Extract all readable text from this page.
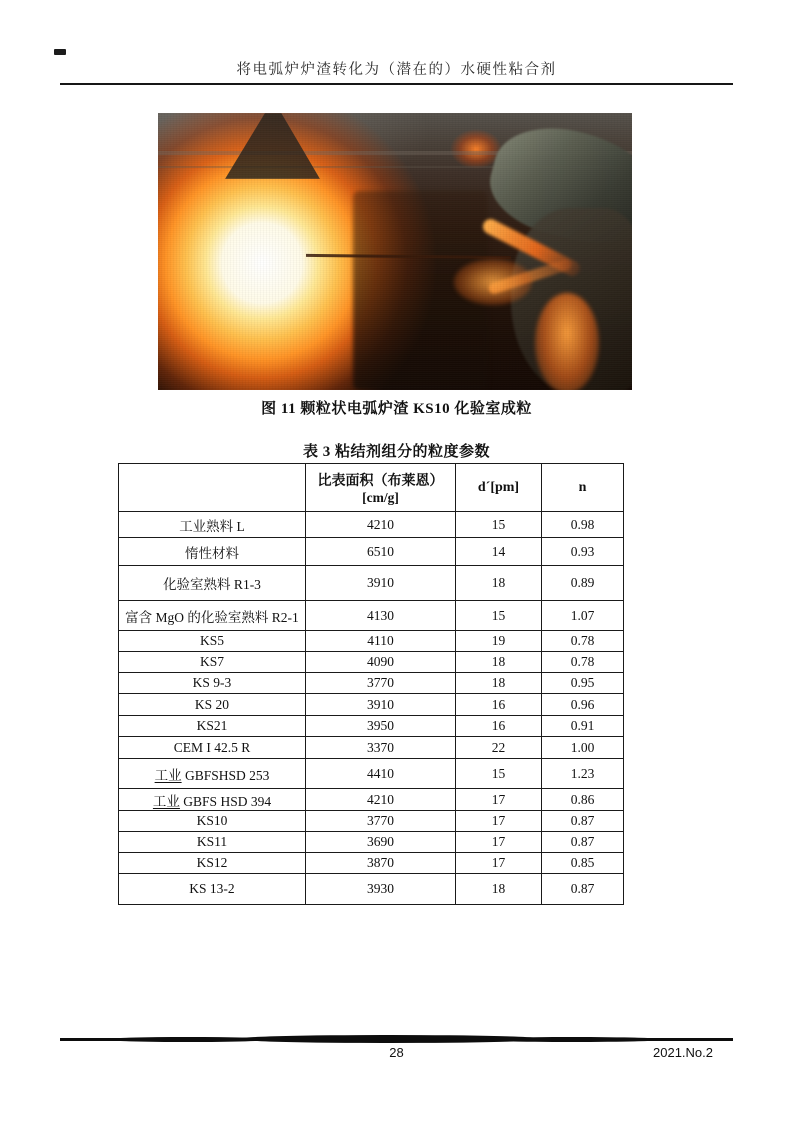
将电弧炉炉渣转化为（潜在的）水硬性粘合剂
图 11 颗粒状电弧炉渣 KS10 化验室成粒
表 3 粘结剂组分的粒度参数

	比表面积（布莱恩）
[cm/g]	d´[pm]	n
工业熟料 L	4210	15	0.98
惰性材料	6510	14	0.93
化验室熟料 R1-3	3910	18	0.89
富含 MgO 的化验室熟料 R2-1	4130	15	1.07
KS5	4110	19	0.78
KS7	4090	18	0.78
KS 9-3	3770	18	0.95
KS 20	3910	16	0.96
KS21	3950	16	0.91
CEM I 42.5 R	3370	22	1.00
工业 GBFSHSD 253	4410	15	1.23
工业 GBFS HSD 394	4210	17	0.86
KS10	3770	17	0.87
KS11	3690	17	0.87
KS12	3870	17	0.85
KS 13-2	3930	18	0.87
28	2021.No.2
